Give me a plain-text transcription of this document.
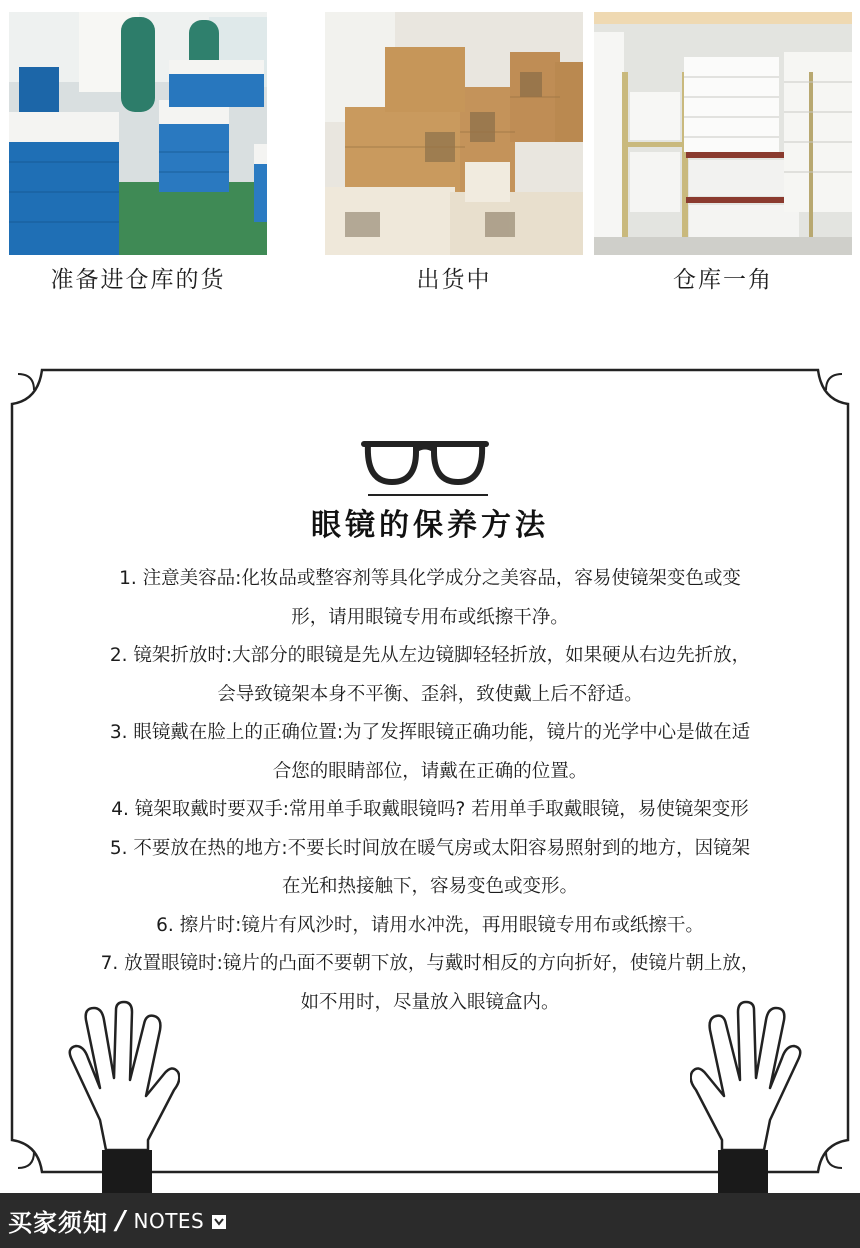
准备进仓库的货	出货中	仓库一角
眼镜的保养方法

1. 注意美容品:化妆品或整容剂等具化学成分之美容品，容易使镜架变色或变
形，请用眼镜专用布或纸擦干净。

2. 镜架折放时:大部分的眼镜是先从左边镜脚轻轻折放，如果硬从右边先折放，
会导致镜架本身不平衡、歪斜，致使戴上后不舒适。

3. 眼镜戴在脸上的正确位置:为了发挥眼镜正确功能，镜片的光学中心是做在适
合您的眼睛部位，请戴在正确的位置。

4. 镜架取戴时要双手:常用单手取戴眼镜吗? 若用单手取戴眼镜，易使镜架变形

5. 不要放在热的地方:不要长时间放在暖气房或太阳容易照射到的地方，因镜架
在光和热接触下，容易变色或变形。

6. 擦片时:镜片有风沙时，请用水冲洗，再用眼镜专用布或纸擦干。

7. 放置眼镜时:镜片的凸面不要朝下放，与戴时相反的方向折好，使镜片朝上放，
如不用时，尽量放入眼镜盒内。

买家须知 / NOTES
